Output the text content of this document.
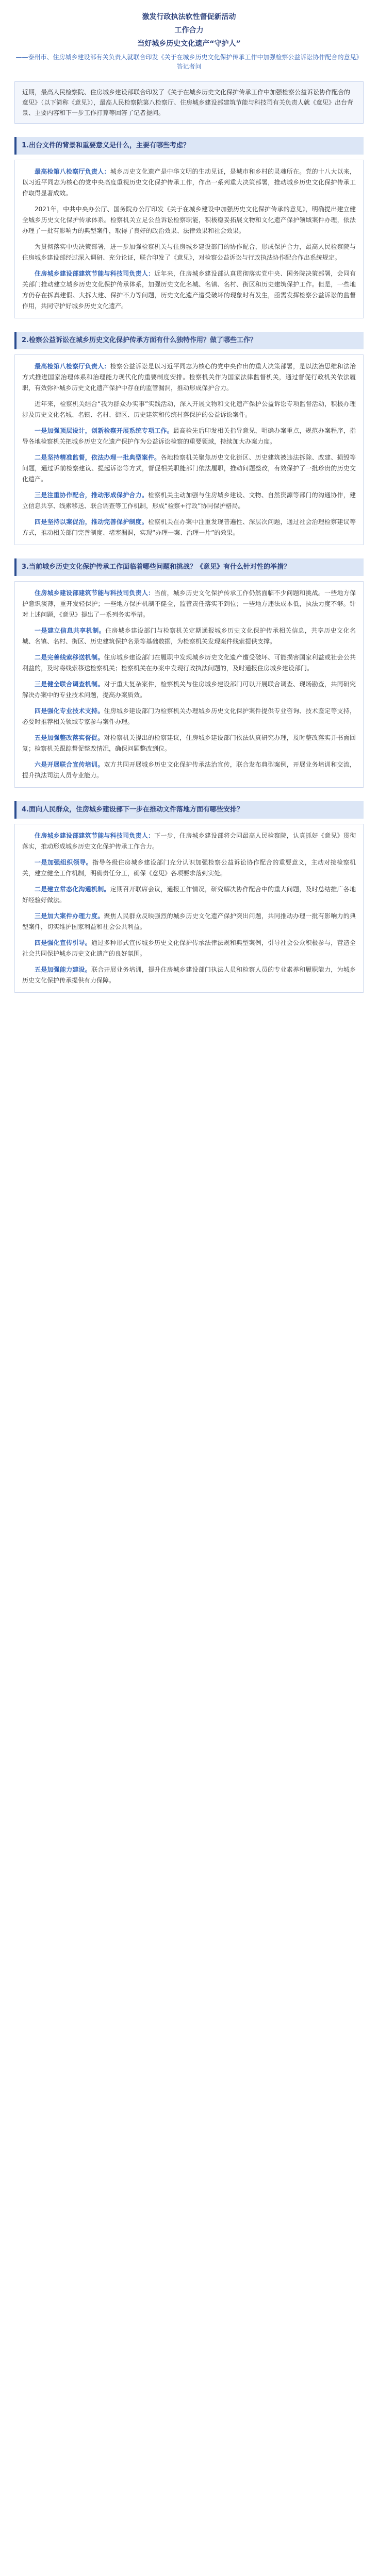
激发行政执法软性督促新活动

工作合力

当好城乡历史文化遗产“守护人”

——泰州市、住房城乡建设部有关负责人就联合印发《关于在城乡历史文化保护传承工作中加强检察公益诉讼协作配合的意见》答记者问

近期，最高人民检察院、住房城乡建设部联合印发了《关于在城乡历史文化保护传承工作中加强检察公益诉讼协作配合的意见》（以下简称《意见》），最高人民检察院第八检察厅、住房城乡建设部建筑节能与科技司有关负责人就《意见》出台背景、主要内容和下一步工作打算等回答了记者提问。
1.出台文件的背景和重要意义是什么，主要有哪些考虑？

最高检第八检察厅负责人：城乡历史文化遗产是中华文明的生动见证，是城市和乡村的灵魂所在。党的十八大以来，以习近平同志为核心的党中央高度重视历史文化保护传承工作，作出一系列重大决策部署，推动城乡历史文化保护传承工作取得显著成效。

2021年，中共中央办公厅、国务院办公厅印发《关于在城乡建设中加强历史文化保护传承的意见》，明确提出建立健全城乡历史文化保护传承体系。检察机关立足公益诉讼检察职能，积极稳妥拓展文物和文化遗产保护领域案件办理，依法办理了一批有影响力的典型案件，取得了良好的政治效果、法律效果和社会效果。

为贯彻落实中央决策部署，进一步加强检察机关与住房城乡建设部门的协作配合，形成保护合力，最高人民检察院与住房城乡建设部经过深入调研、充分论证，联合印发了《意见》，对检察公益诉讼与行政执法协作配合作出系统规定。

住房城乡建设部建筑节能与科技司负责人：近年来，住房城乡建设部认真贯彻落实党中央、国务院决策部署，会同有关部门推动建立城乡历史文化保护传承体系，加强历史文化名城、名镇、名村、街区和历史建筑保护工作。但是，一些地方仍存在拆真建假、大拆大建、保护不力等问题，历史文化遗产遭受破坏的现象时有发生，亟需发挥检察公益诉讼的监督作用，共同守护好城乡历史文化遗产。

2.检察公益诉讼在城乡历史文化保护传承方面有什么独特作用？做了哪些工作？

最高检第八检察厅负责人：检察公益诉讼是以习近平同志为核心的党中央作出的重大决策部署，是以法治思维和法治方式推进国家治理体系和治理能力现代化的重要制度安排。检察机关作为国家法律监督机关，通过督促行政机关依法履职，有效弥补城乡历史文化遗产保护中存在的监管漏洞，推动形成保护合力。

近年来，检察机关结合“我为群众办实事”实践活动，深入开展文物和文化遗产保护公益诉讼专项监督活动，积极办理涉及历史文化名城、名镇、名村、街区、历史建筑和传统村落保护的公益诉讼案件。

一是加强顶层设计，创新检察开展系统专项工作。最高检先后印发相关指导意见，明确办案重点，规范办案程序，指导各地检察机关把城乡历史文化遗产保护作为公益诉讼检察的重要领域，持续加大办案力度。

二是坚持精准监督，依法办理一批典型案件。各地检察机关聚焦历史文化街区、历史建筑被违法拆除、改建、损毁等问题，通过诉前检察建议、提起诉讼等方式，督促相关职能部门依法履职，推动问题整改，有效保护了一批珍贵的历史文化遗产。

三是注重协作配合，推动形成保护合力。检察机关主动加强与住房城乡建设、文物、自然资源等部门的沟通协作，建立信息共享、线索移送、联合调查等工作机制，形成“检察+行政”协同保护格局。

四是坚持以案促治，推动完善保护制度。检察机关在办案中注重发现普遍性、深层次问题，通过社会治理检察建议等方式，推动相关部门完善制度、堵塞漏洞，实现“办理一案、治理一片”的效果。

3.当前城乡历史文化保护传承工作面临着哪些问题和挑战？《意见》有什么针对性的举措？

住房城乡建设部建筑节能与科技司负责人：当前，城乡历史文化保护传承工作仍然面临不少问题和挑战。一些地方保护意识淡薄，重开发轻保护；一些地方保护机制不健全，监管责任落实不到位；一些地方违法成本低，执法力度不够。针对上述问题，《意见》提出了一系列务实举措。

一是建立信息共享机制。住房城乡建设部门与检察机关定期通报城乡历史文化保护传承相关信息，共享历史文化名城、名镇、名村、街区、历史建筑保护名录等基础数据，为检察机关发现案件线索提供支撑。

二是完善线索移送机制。住房城乡建设部门在履职中发现城乡历史文化遗产遭受破坏、可能损害国家利益或社会公共利益的，及时将线索移送检察机关；检察机关在办案中发现行政执法问题的，及时通报住房城乡建设部门。

三是健全联合调查机制。对于重大复杂案件，检察机关与住房城乡建设部门可以开展联合调查、现场勘查，共同研究解决办案中的专业技术问题，提高办案质效。

四是强化专业技术支持。住房城乡建设部门为检察机关办理城乡历史文化保护案件提供专业咨询、技术鉴定等支持，必要时推荐相关领域专家参与案件办理。

五是加强整改落实督促。对检察机关提出的检察建议，住房城乡建设部门依法认真研究办理，及时整改落实并书面回复；检察机关跟踪督促整改情况，确保问题整改到位。

六是开展联合宣传培训。双方共同开展城乡历史文化保护传承法治宣传，联合发布典型案例，开展业务培训和交流，提升执法司法人员专业能力。

4.面向人民群众，住房城乡建设部下一步在推动文件落地方面有哪些安排？

住房城乡建设部建筑节能与科技司负责人：下一步，住房城乡建设部将会同最高人民检察院，认真抓好《意见》贯彻落实，推动形成城乡历史文化保护传承工作合力。

一是加强组织领导。指导各级住房城乡建设部门充分认识加强检察公益诉讼协作配合的重要意义，主动对接检察机关，建立健全工作机制，明确责任分工，确保《意见》各项要求落到实处。

二是建立常态化沟通机制。定期召开联席会议，通报工作情况，研究解决协作配合中的重大问题，及时总结推广各地好经验好做法。

三是加大案件办理力度。聚焦人民群众反映强烈的城乡历史文化遗产保护突出问题，共同推动办理一批有影响力的典型案件，切实维护国家利益和社会公共利益。

四是强化宣传引导。通过多种形式宣传城乡历史文化保护传承法律法规和典型案例，引导社会公众积极参与，营造全社会共同保护城乡历史文化遗产的良好氛围。

五是加强能力建设。联合开展业务培训，提升住房城乡建设部门执法人员和检察人员的专业素养和履职能力，为城乡历史文化保护传承提供有力保障。
